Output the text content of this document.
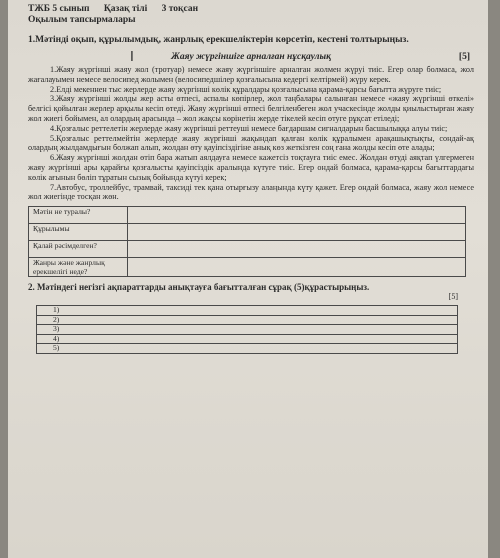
ТЖБ 5 сынып Қазақ тілі 3 тоқсан
Оқылым тапсырмалары
1.Мәтінді оқып, құрылымдық, жанрлық ерекшеліктерін көрсетіп, кестені толтырыңыз.
I	Жаяу жүргіншіге арналған нұсқаулық	[5]
1.Жаяу жүргінші жаяу жол (тротуар) немесе жаяу жүргіншіге арналған жолмен жүруі тиіс. Егер олар болмаса, жол жағалауымен немесе велосипед жолымен (велосипедшілер қозғалысына кедергі келтірмей) жүру керек.
2.Елді мекеннен тыс жерлерде жаяу жүргінші көлік құралдары қозғалысына қарама-қарсы бағытта жүруге тиіс;
3.Жаяу жүргінші жолды жер асты өтпесі, аспалы көпірлер, жол таңбалары салынған немесе «жаяу жүргінші өткелі» белгісі қойылған жерлер арқылы кесіп өтеді. Жаяу жүргінші өтпесі белгіленбеген жол учаскесінде жолды қиылыстырған жаяу жол жиегі бойымен, ал олардың арасында – жол жақсы көрінетін жерде тікелей кесіп өтуге рұқсат етіледі;
4.Қозғалыс реттелетін жерлерде жаяу жүргінші реттеуші немесе бағдаршам сигналдарын басшылыққа алуы тиіс;
5.Қозғалыс реттелмейтін жерлерде жаяу жүргінші жақындап қалған көлік құралымен арақашықтықты, сондай-ақ олардың жылдамдығын болжап алып, жолдан өту қауіпсіздігіне анық көз жеткізген соң ғана жолды кесіп өте алады;
6.Жаяу жүргінші жолдан өтіп бара жатып аялдауға немесе кажетсіз тоқтауға тиіс емес. Жолдан өтуді аяқтап үлгермеген жаяу жүргінші ары қарайғы қозғалысты қауіпсіздік аралында күтуге тиіс. Егер ондай болмаса, қарама-қарсы бағыттардағы көлік ағынын бөліп тұратын сызық бойында күтуі керек;
7.Автобус, троллейбус, трамвай, таксиді тек қана отырғызу алаңында күту қажет. Егер ондай болмаса, жаяу жол немесе жол жиегінде тосқан жөн.
Мәтін не туралы?	
Құрылымы	
Қалай рәсімделген?	
Жанры және жанрлық ерекшелігі неде?	
2. Мәтіндегі негізгі ақпараттарды анықтауға бағытталған сұрақ (5)құрастырыңыз.
[5]
1)
2)
3)
4)
5)
